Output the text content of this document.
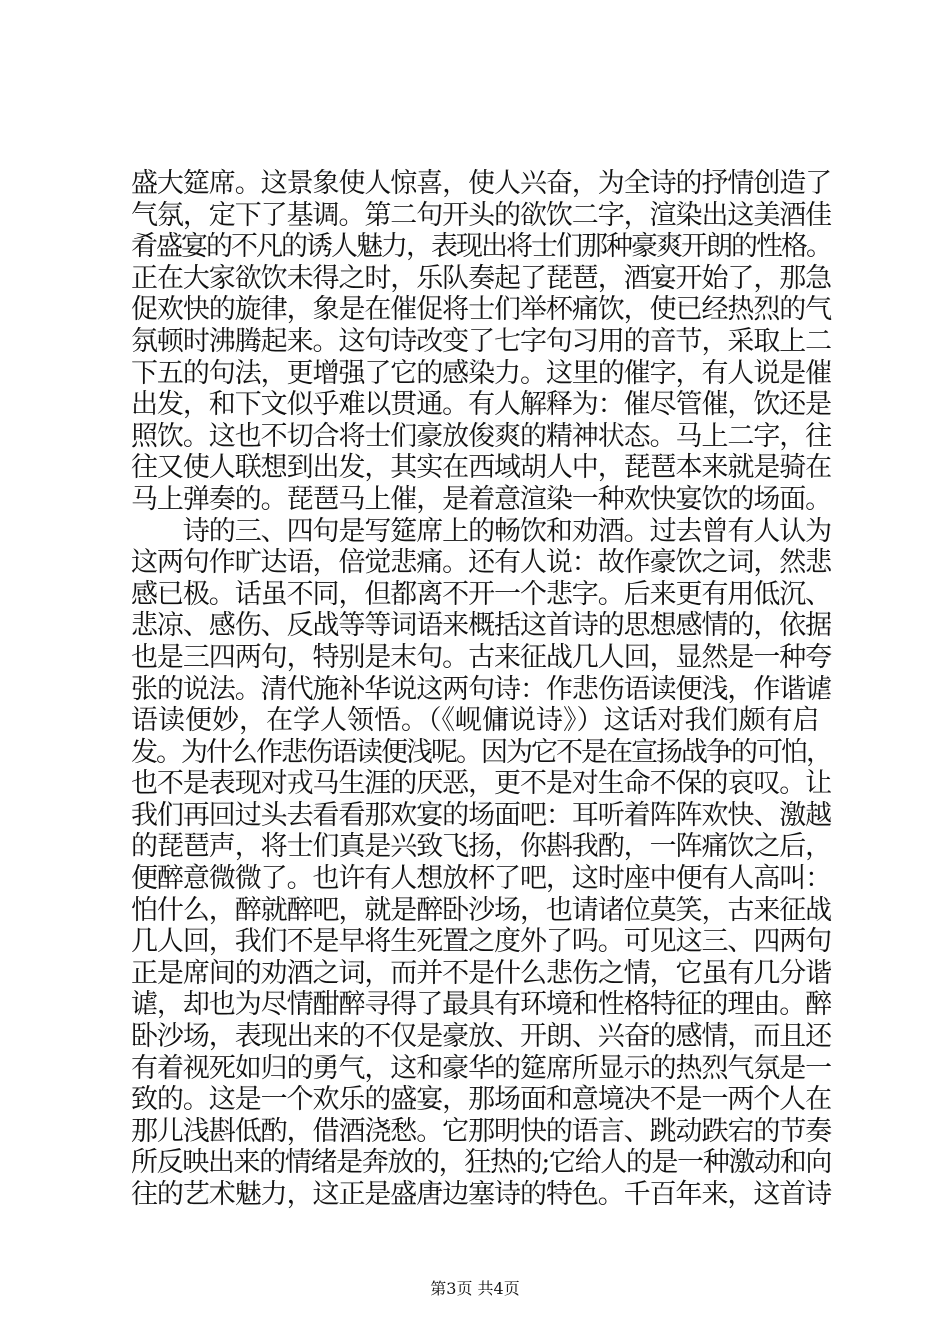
盛大筵席。这景象使人惊喜，使人兴奋，为全诗的抒情创造了
气氛，定下了基调。第二句开头的欲饮二字，渲染出这美酒佳
肴盛宴的不凡的诱人魅力，表现出将士们那种豪爽开朗的性格。
正在大家欲饮未得之时，乐队奏起了琵琶，酒宴开始了，那急
促欢快的旋律，象是在催促将士们举杯痛饮，使已经热烈的气
氛顿时沸腾起来。这句诗改变了七字句习用的音节，采取上二
下五的句法，更增强了它的感染力。这里的催字，有人说是催
出发，和下文似乎难以贯通。有人解释为：催尽管催，饮还是
照饮。这也不切合将士们豪放俊爽的精神状态。马上二字，往
往又使人联想到出发，其实在西域胡人中，琵琶本来就是骑在
马上弹奏的。琵琶马上催，是着意渲染一种欢快宴饮的场面。
　　诗的三、四句是写筵席上的畅饮和劝酒。过去曾有人认为
这两句作旷达语，倍觉悲痛。还有人说：故作豪饮之词，然悲
感已极。话虽不同，但都离不开一个悲字。后来更有用低沉、
悲凉、感伤、反战等等词语来概括这首诗的思想感情的，依据
也是三四两句，特别是末句。古来征战几人回，显然是一种夸
张的说法。清代施补华说这两句诗：作悲伤语读便浅，作谐谑
语读便妙，在学人领悟。（《岘傭说诗》）这话对我们颇有启
发。为什么作悲伤语读便浅呢。因为它不是在宣扬战争的可怕，
也不是表现对戎马生涯的厌恶，更不是对生命不保的哀叹。让
我们再回过头去看看那欢宴的场面吧：耳听着阵阵欢快、激越
的琵琶声，将士们真是兴致飞扬，你斟我酌，一阵痛饮之后，
便醉意微微了。也许有人想放杯了吧，这时座中便有人高叫：
怕什么，醉就醉吧，就是醉卧沙场，也请诸位莫笑，古来征战
几人回，我们不是早将生死置之度外了吗。可见这三、四两句
正是席间的劝酒之词，而并不是什么悲伤之情，它虽有几分谐
谑，却也为尽情酣醉寻得了最具有环境和性格特征的理由。醉
卧沙场，表现出来的不仅是豪放、开朗、兴奋的感情，而且还
有着视死如归的勇气，这和豪华的筵席所显示的热烈气氛是一
致的。这是一个欢乐的盛宴，那场面和意境决不是一两个人在
那儿浅斟低酌，借酒浇愁。它那明快的语言、跳动跌宕的节奏
所反映出来的情绪是奔放的，狂热的;它给人的是一种激动和向
往的艺术魅力，这正是盛唐边塞诗的特色。千百年来，这首诗
第3页 共4页
